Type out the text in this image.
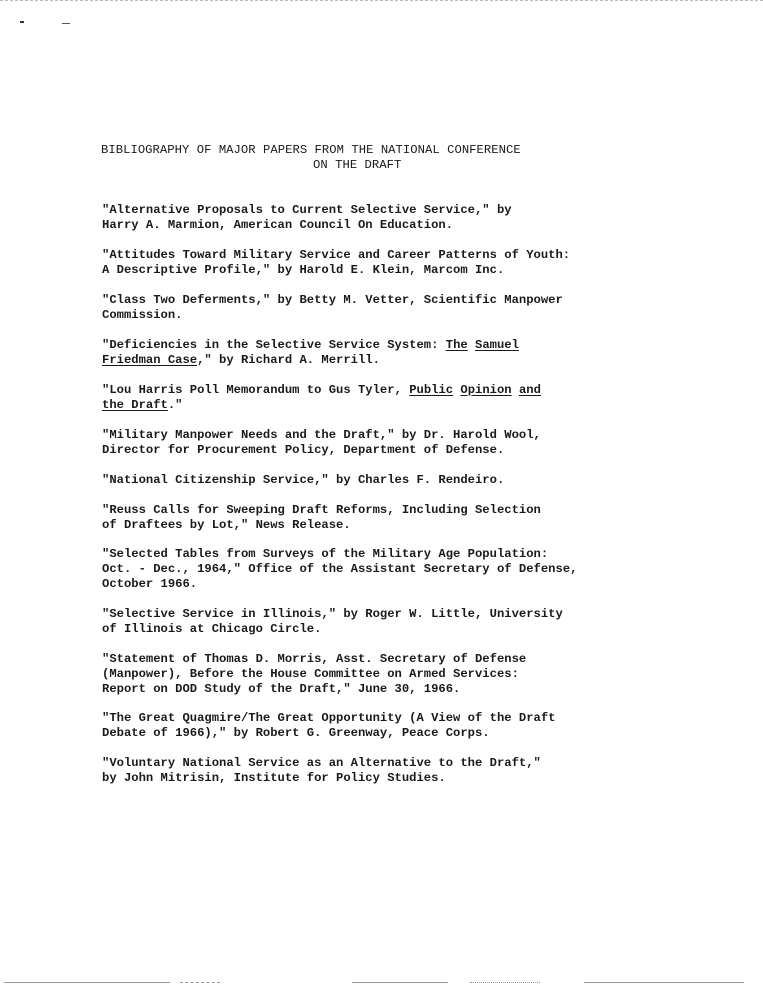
BIBLIOGRAPHY OF MAJOR PAPERS FROM THE NATIONAL CONFERENCE
ON THE DRAFT
"Alternative Proposals to Current Selective Service," by
Harry A. Marmion, American Council On Education.
"Attitudes Toward Military Service and Career Patterns of Youth:
A Descriptive Profile," by Harold E. Klein, Marcom Inc.
"Class Two Deferments," by Betty M. Vetter, Scientific Manpower
Commission.
"Deficiencies in the Selective Service System: The Samuel
Friedman Case," by Richard A. Merrill.
"Lou Harris Poll Memorandum to Gus Tyler, Public Opinion and
the Draft."
"Military Manpower Needs and the Draft," by Dr. Harold Wool,
Director for Procurement Policy, Department of Defense.
"National Citizenship Service," by Charles F. Rendeiro.
"Reuss Calls for Sweeping Draft Reforms, Including Selection
of Draftees by Lot," News Release.
"Selected Tables from Surveys of the Military Age Population:
Oct. - Dec., 1964," Office of the Assistant Secretary of Defense,
October 1966.
"Selective Service in Illinois," by Roger W. Little, University
of Illinois at Chicago Circle.
"Statement of Thomas D. Morris, Asst. Secretary of Defense
(Manpower), Before the House Committee on Armed Services:
Report on DOD Study of the Draft," June 30, 1966.
"The Great Quagmire/The Great Opportunity (A View of the Draft
Debate of 1966)," by Robert G. Greenway, Peace Corps.
"Voluntary National Service as an Alternative to the Draft,"
by John Mitrisin, Institute for Policy Studies.
